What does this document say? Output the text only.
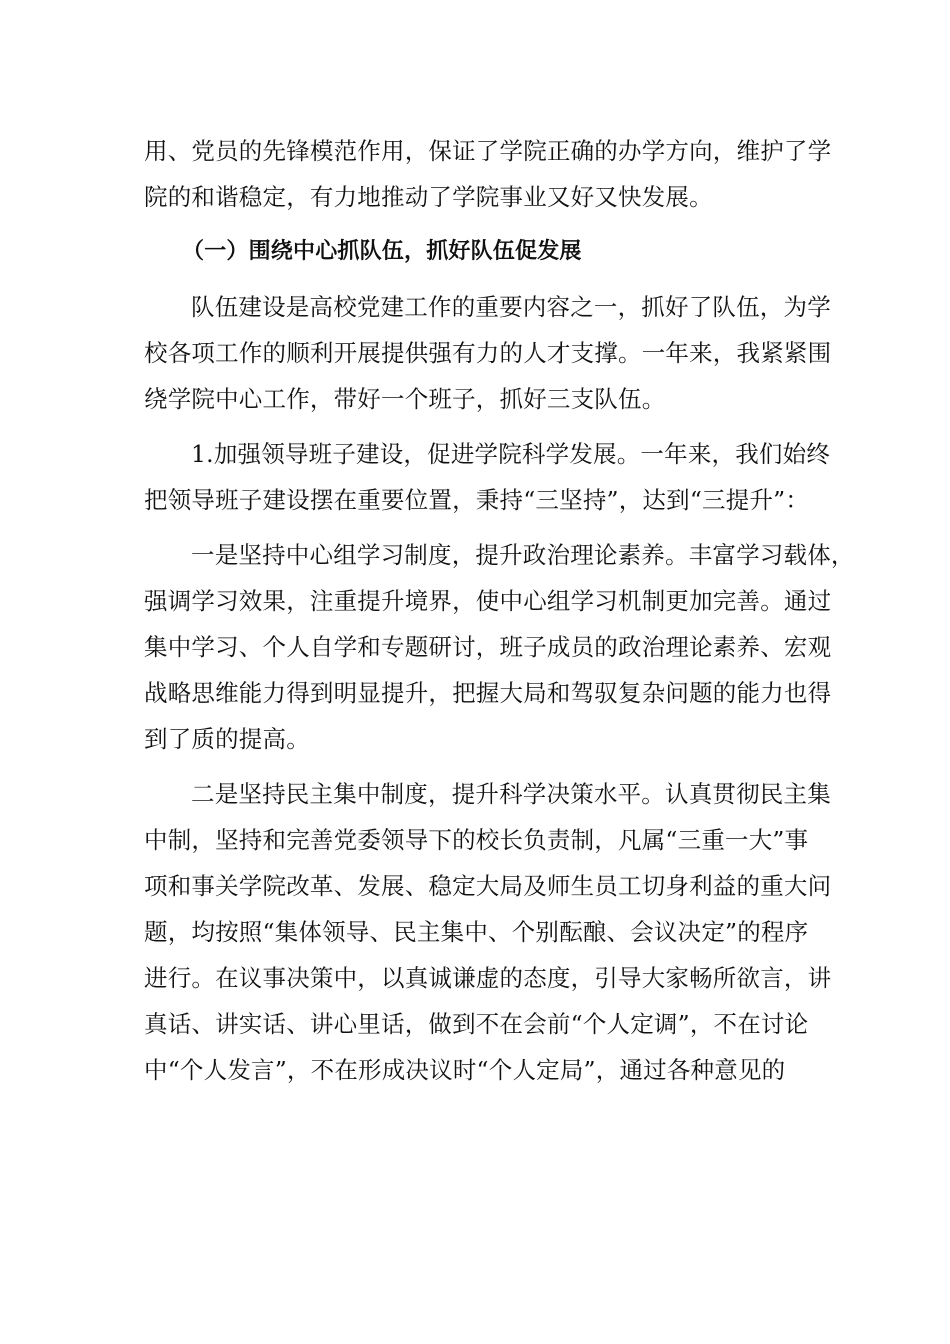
用、党员的先锋模范作用，保证了学院正确的办学方向，维护了学
院的和谐稳定，有力地推动了学院事业又好又快发展。
（一）围绕中心抓队伍，抓好队伍促发展
队伍建设是高校党建工作的重要内容之一，抓好了队伍，为学
校各项工作的顺利开展提供强有力的人才支撑。一年来，我紧紧围
绕学院中心工作，带好一个班子，抓好三支队伍。
1.加强领导班子建设，促进学院科学发展。一年来，我们始终
把领导班子建设摆在重要位置，秉持“三坚持”，达到“三提升”：
一是坚持中心组学习制度，提升政治理论素养。丰富学习载体，
强调学习效果，注重提升境界，使中心组学习机制更加完善。通过
集中学习、个人自学和专题研讨，班子成员的政治理论素养、宏观
战略思维能力得到明显提升，把握大局和驾驭复杂问题的能力也得
到了质的提高。
二是坚持民主集中制度，提升科学决策水平。认真贯彻民主集
中制，坚持和完善党委领导下的校长负责制，凡属“三重一大”事
项和事关学院改革、发展、稳定大局及师生员工切身利益的重大问
题，均按照“集体领导、民主集中、个别酝酿、会议决定”的程序
进行。在议事决策中，以真诚谦虚的态度，引导大家畅所欲言，讲
真话、讲实话、讲心里话，做到不在会前“个人定调”，不在讨论
中“个人发言”，不在形成决议时“个人定局”，通过各种意见的
